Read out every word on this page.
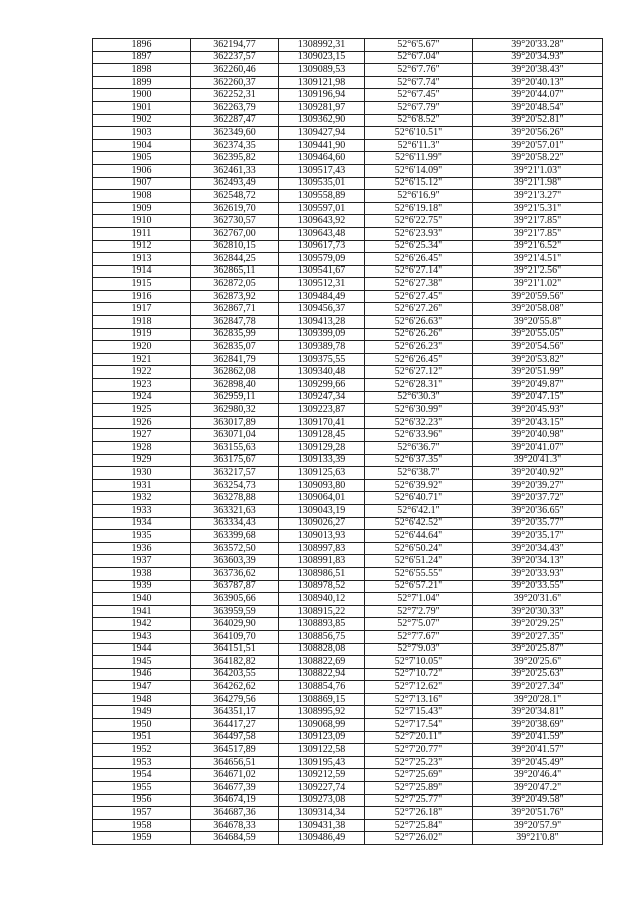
1896	362194,77	1308992,31	52°6'5.67"	39°20'33.28"
1897	362237,57	1309023,15	52°6'7.04"	39°20'34.93"
1898	362260,46	1309089,53	52°6'7.76"	39°20'38.43"
1899	362260,37	1309121,98	52°6'7.74"	39°20'40.13"
1900	362252,31	1309196,94	52°6'7.45"	39°20'44.07"
1901	362263,79	1309281,97	52°6'7.79"	39°20'48.54"
1902	362287,47	1309362,90	52°6'8.52"	39°20'52.81"
1903	362349,60	1309427,94	52°6'10.51"	39°20'56.26"
1904	362374,35	1309441,90	52°6'11.3"	39°20'57.01"
1905	362395,82	1309464,60	52°6'11.99"	39°20'58.22"
1906	362461,33	1309517,43	52°6'14.09"	39°21'1.03"
1907	362493,49	1309535,01	52°6'15.12"	39°21'1.98"
1908	362548,72	1309558,89	52°6'16.9"	39°21'3.27"
1909	362619,70	1309597,01	52°6'19.18"	39°21'5.31"
1910	362730,57	1309643,92	52°6'22.75"	39°21'7.85"
1911	362767,00	1309643,48	52°6'23.93"	39°21'7.85"
1912	362810,15	1309617,73	52°6'25.34"	39°21'6.52"
1913	362844,25	1309579,09	52°6'26.45"	39°21'4.51"
1914	362865,11	1309541,67	52°6'27.14"	39°21'2.56"
1915	362872,05	1309512,31	52°6'27.38"	39°21'1.02"
1916	362873,92	1309484,49	52°6'27.45"	39°20'59.56"
1917	362867,71	1309456,37	52°6'27.26"	39°20'58.08"
1918	362847,78	1309413,28	52°6'26.63"	39°20'55.8"
1919	362835,99	1309399,09	52°6'26.26"	39°20'55.05"
1920	362835,07	1309389,78	52°6'26.23"	39°20'54.56"
1921	362841,79	1309375,55	52°6'26.45"	39°20'53.82"
1922	362862,08	1309340,48	52°6'27.12"	39°20'51.99"
1923	362898,40	1309299,66	52°6'28.31"	39°20'49.87"
1924	362959,11	1309247,34	52°6'30.3"	39°20'47.15"
1925	362980,32	1309223,87	52°6'30.99"	39°20'45.93"
1926	363017,89	1309170,41	52°6'32.23"	39°20'43.15"
1927	363071,04	1309128,45	52°6'33.96"	39°20'40.98"
1928	363155,63	1309129,28	52°6'36.7"	39°20'41.07"
1929	363175,67	1309133,39	52°6'37.35"	39°20'41.3"
1930	363217,57	1309125,63	52°6'38.7"	39°20'40.92"
1931	363254,73	1309093,80	52°6'39.92"	39°20'39.27"
1932	363278,88	1309064,01	52°6'40.71"	39°20'37.72"
1933	363321,63	1309043,19	52°6'42.1"	39°20'36.65"
1934	363334,43	1309026,27	52°6'42.52"	39°20'35.77"
1935	363399,68	1309013,93	52°6'44.64"	39°20'35.17"
1936	363572,50	1308997,83	52°6'50.24"	39°20'34.43"
1937	363603,39	1308991,83	52°6'51.24"	39°20'34.13"
1938	363736,62	1308986,51	52°6'55.55"	39°20'33.93"
1939	363787,87	1308978,52	52°6'57.21"	39°20'33.55"
1940	363905,66	1308940,12	52°7'1.04"	39°20'31.6"
1941	363959,59	1308915,22	52°7'2.79"	39°20'30.33"
1942	364029,90	1308893,85	52°7'5.07"	39°20'29.25"
1943	364109,70	1308856,75	52°7'7.67"	39°20'27.35"
1944	364151,51	1308828,08	52°7'9.03"	39°20'25.87"
1945	364182,82	1308822,69	52°7'10.05"	39°20'25.6"
1946	364203,55	1308822,94	52°7'10.72"	39°20'25.63"
1947	364262,62	1308854,76	52°7'12.62"	39°20'27.34"
1948	364279,56	1308869,15	52°7'13.16"	39°20'28.1"
1949	364351,17	1308995,92	52°7'15.43"	39°20'34.81"
1950	364417,27	1309068,99	52°7'17.54"	39°20'38.69"
1951	364497,58	1309123,09	52°7'20.11"	39°20'41.59"
1952	364517,89	1309122,58	52°7'20.77"	39°20'41.57"
1953	364656,51	1309195,43	52°7'25.23"	39°20'45.49"
1954	364671,02	1309212,59	52°7'25.69"	39°20'46.4"
1955	364677,39	1309227,74	52°7'25.89"	39°20'47.2"
1956	364674,19	1309273,08	52°7'25.77"	39°20'49.58"
1957	364687,36	1309314,34	52°7'26.18"	39°20'51.76"
1958	364678,33	1309431,38	52°7'25.84"	39°20'57.9"
1959	364684,59	1309486,49	52°7'26.02"	39°21'0.8"
